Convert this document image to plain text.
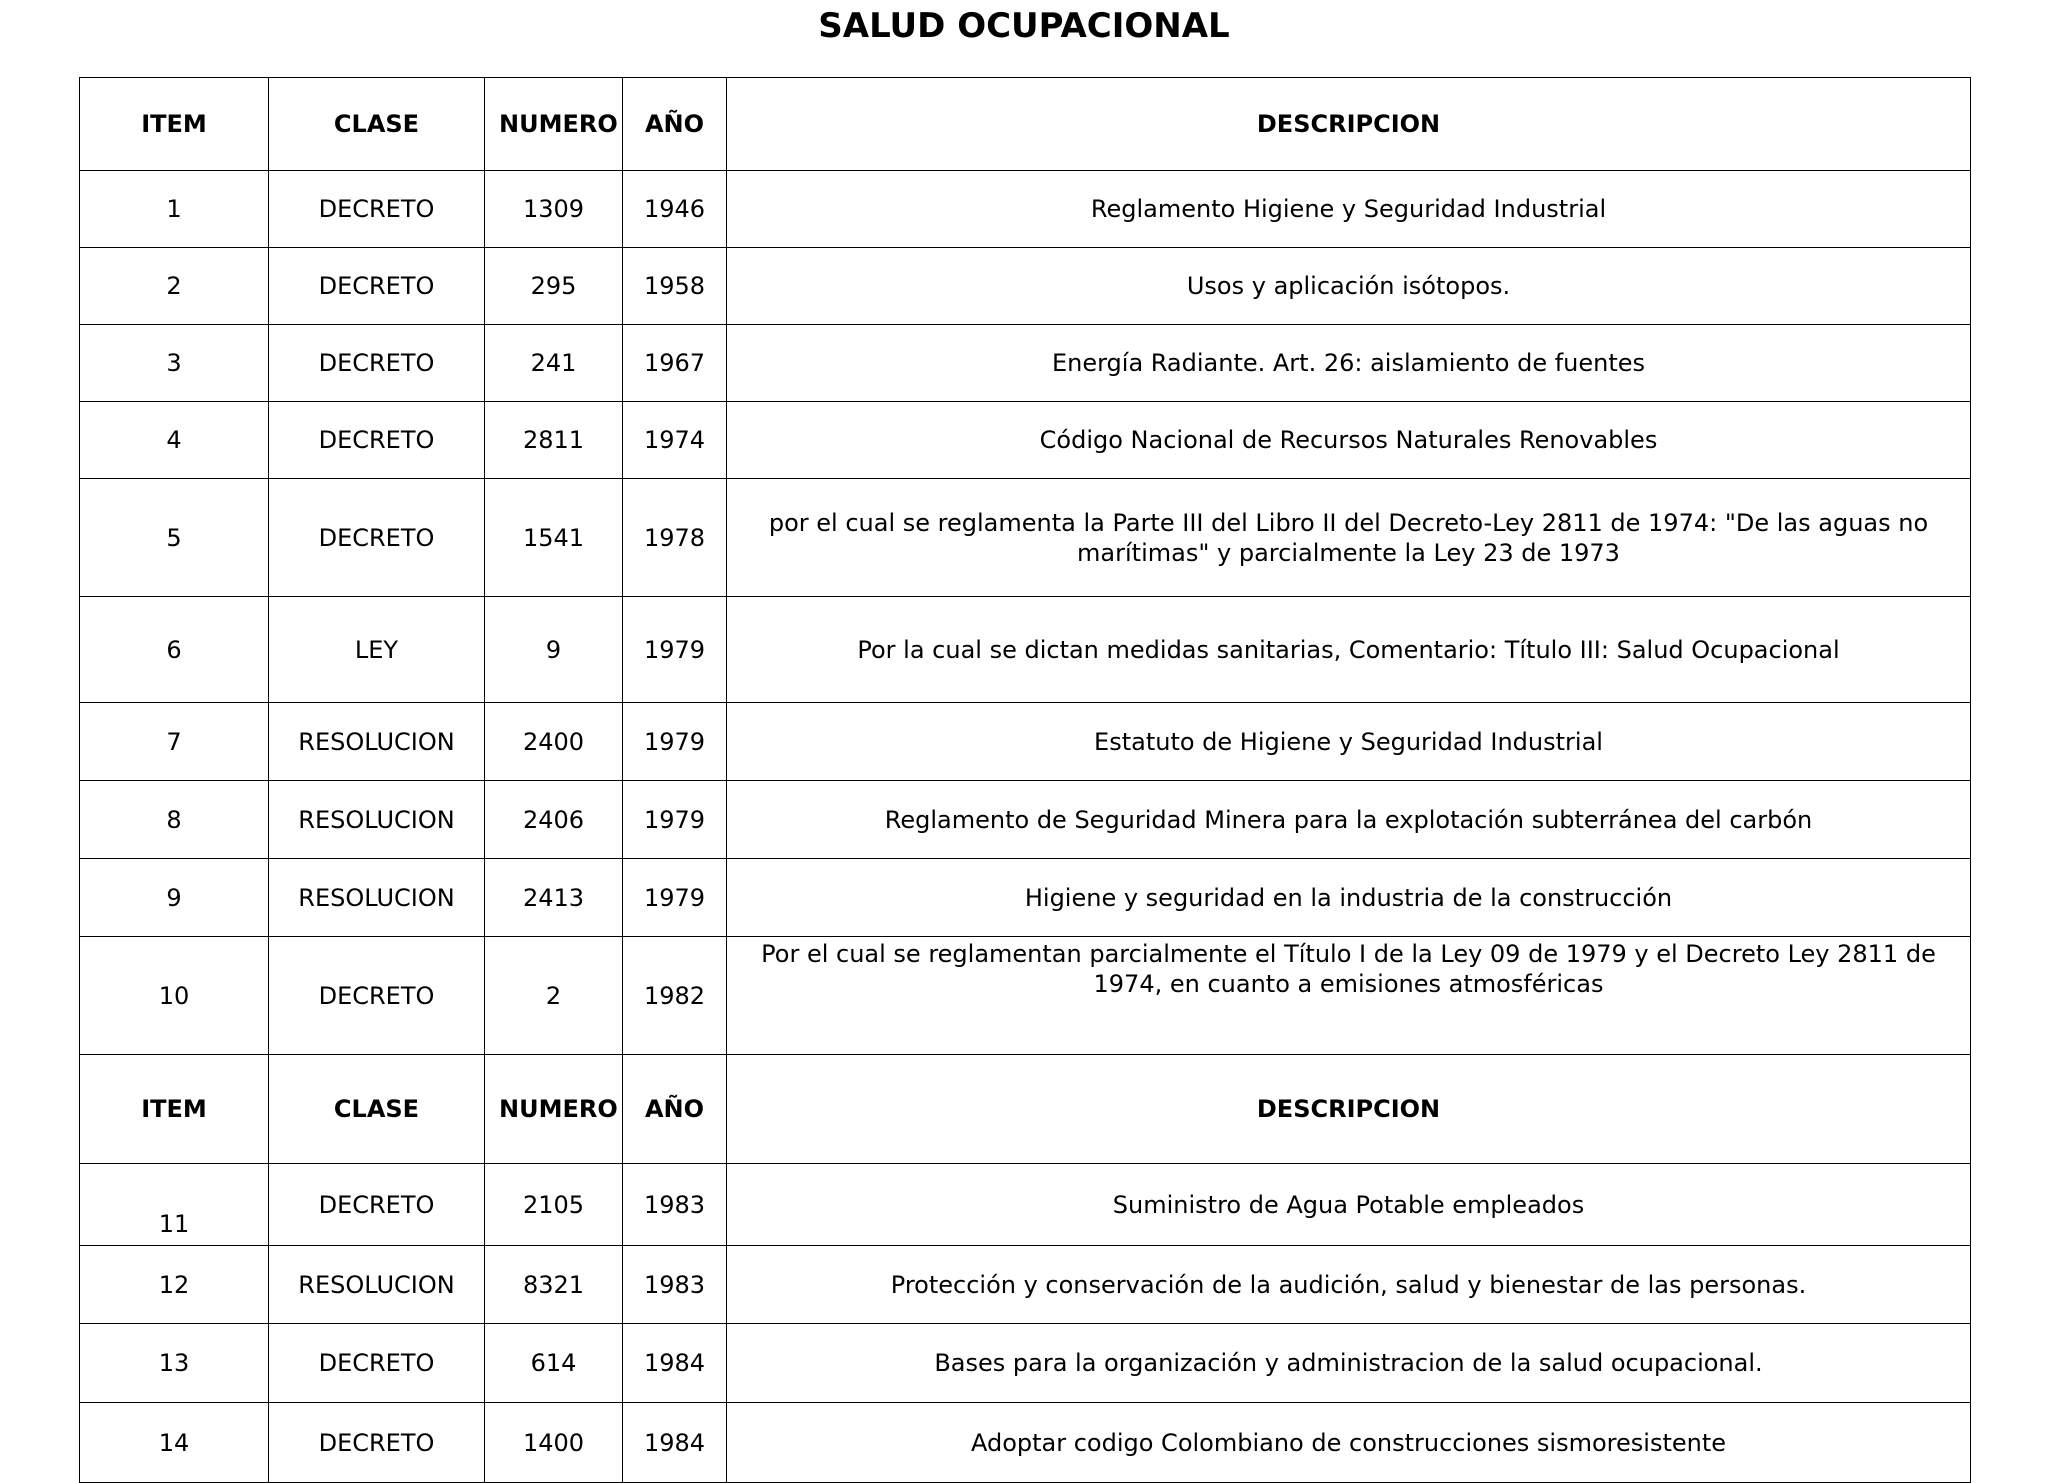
SALUD OCUPACIONAL
ITEM	CLASE	NUMERO	AÑO	DESCRIPCION
1	DECRETO	1309	1946	Reglamento Higiene y Seguridad Industrial
2	DECRETO	295	1958	Usos y aplicación isótopos.
3	DECRETO	241	1967	Energía Radiante. Art. 26: aislamiento de fuentes
4	DECRETO	2811	1974	Código Nacional de Recursos Naturales Renovables
5	DECRETO	1541	1978	por el cual se reglamenta la Parte III del Libro II del Decreto-Ley 2811 de 1974: "De las aguas no marítimas" y parcialmente la Ley 23 de 1973
6	LEY	9	1979	Por la cual se dictan medidas sanitarias, Comentario: Título III: Salud Ocupacional
7	RESOLUCION	2400	1979	Estatuto de Higiene y Seguridad Industrial
8	RESOLUCION	2406	1979	Reglamento de Seguridad Minera para la explotación subterránea del carbón
9	RESOLUCION	2413	1979	Higiene y seguridad en la industria de la construcción
10	DECRETO	2	1982	Por el cual se reglamentan parcialmente el Título I de la Ley 09 de 1979 y el Decreto Ley 2811 de 1974, en cuanto a emisiones atmosféricas
ITEM	CLASE	NUMERO	AÑO	DESCRIPCION
11	DECRETO	2105	1983	Suministro de Agua Potable empleados
12	RESOLUCION	8321	1983	Protección y conservación de la audición, salud y bienestar de las personas.
13	DECRETO	614	1984	Bases para la organización y administracion de la salud ocupacional.
14	DECRETO	1400	1984	Adoptar codigo Colombiano de construcciones sismoresistente
